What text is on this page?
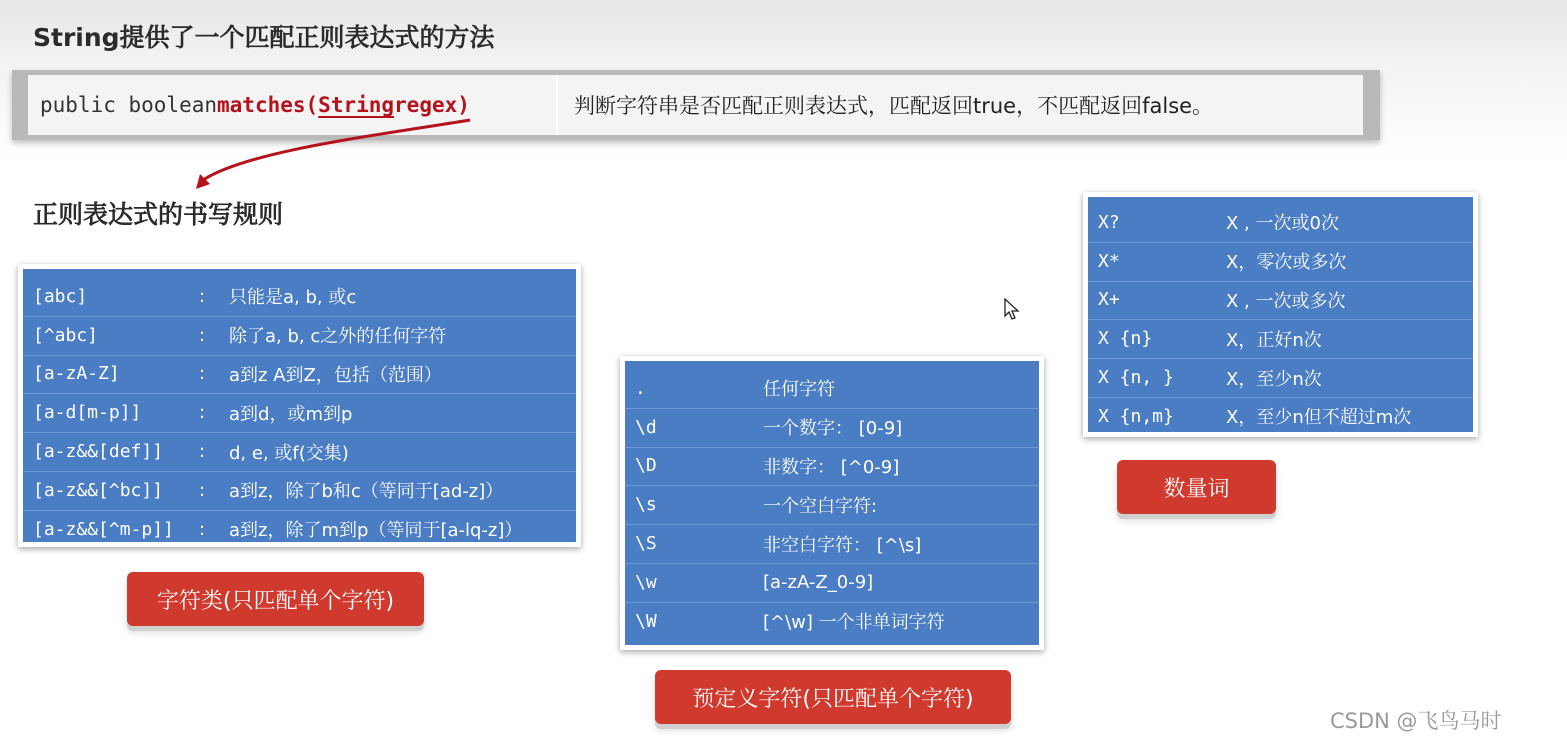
String提供了一个匹配正则表达式的方法
public boolean matches( String regex)	判断字符串是否匹配正则表达式，匹配返回true，不匹配返回false。
正则表达式的书写规则
[abc]	: 只能是a, b, 或c
[^abc]	: 除了a, b, c之外的任何字符
[a-zA-Z]	: a到z A到Z，包括（范围）
[a-d[m-p]]	: a到d，或m到p
[a-z&&[def]] : d, e, 或f(交集)
[a-z&&[^bc]] : a到z，除了b和c（等同于[ad-z]）
[a-z&&[^m-p]] : a到z，除了m到p（等同于[a-lq-z]）
字符类(只匹配单个字符)
.	任何字符
\d	一个数字： [0-9]
\D	非数字： [^0-9]
\s	一个空白字符:
\S	非空白字符： [^\s]
\w	[a-zA-Z_0-9]
\W	[^\w] 一个非单词字符
预定义字符(只匹配单个字符)
X?	X , 一次或0次
X*	X，零次或多次
X+	X , 一次或多次
X {n}	X，正好n次
X {n, }	X，至少n次
X {n,m}	X，至少n但不超过m次
数量词
CSDN @飞鸟马时
